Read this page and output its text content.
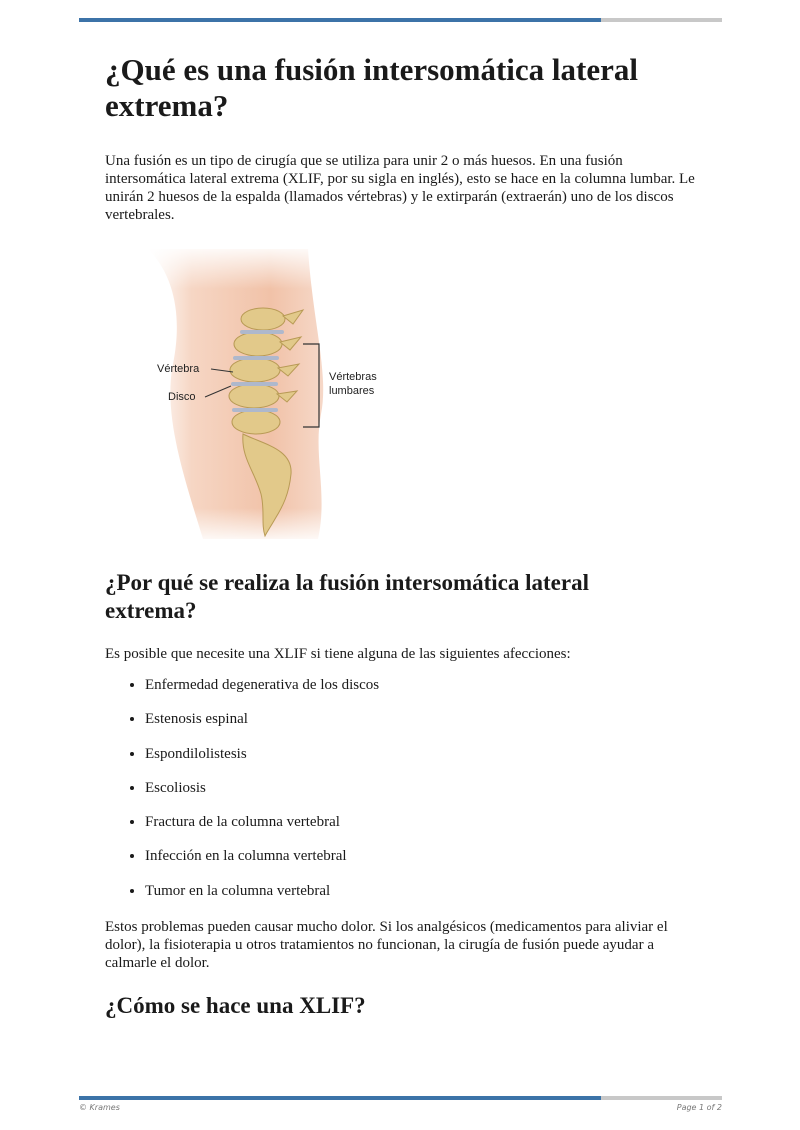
¿Qué es una fusión intersomática lateral extrema?

Una fusión es un tipo de cirugía que se utiliza para unir 2 o más huesos. En una fusión intersomática lateral extrema (XLIF, por su sigla en inglés), esto se hace en la columna lumbar. Le unirán 2 huesos de la espalda (llamados vértebras) y le extirparán (extraerán) uno de los discos vertebrales.

Vértebra
Disco
Vértebras
lumbares
¿Por qué se realiza la fusión intersomática lateral extrema?

Es posible que necesite una XLIF si tiene alguna de las siguientes afecciones:

• Enfermedad degenerativa de los discos
• Estenosis espinal
• Espondilolistesis
• Escoliosis
• Fractura de la columna vertebral
• Infección en la columna vertebral
• Tumor en la columna vertebral

Estos problemas pueden causar mucho dolor. Si los analgésicos (medicamentos para aliviar el dolor), la fisioterapia u otros tratamientos no funcionan, la cirugía de fusión puede ayudar a calmarle el dolor.

¿Cómo se hace una XLIF?
© Krames	Page 1 of 2
